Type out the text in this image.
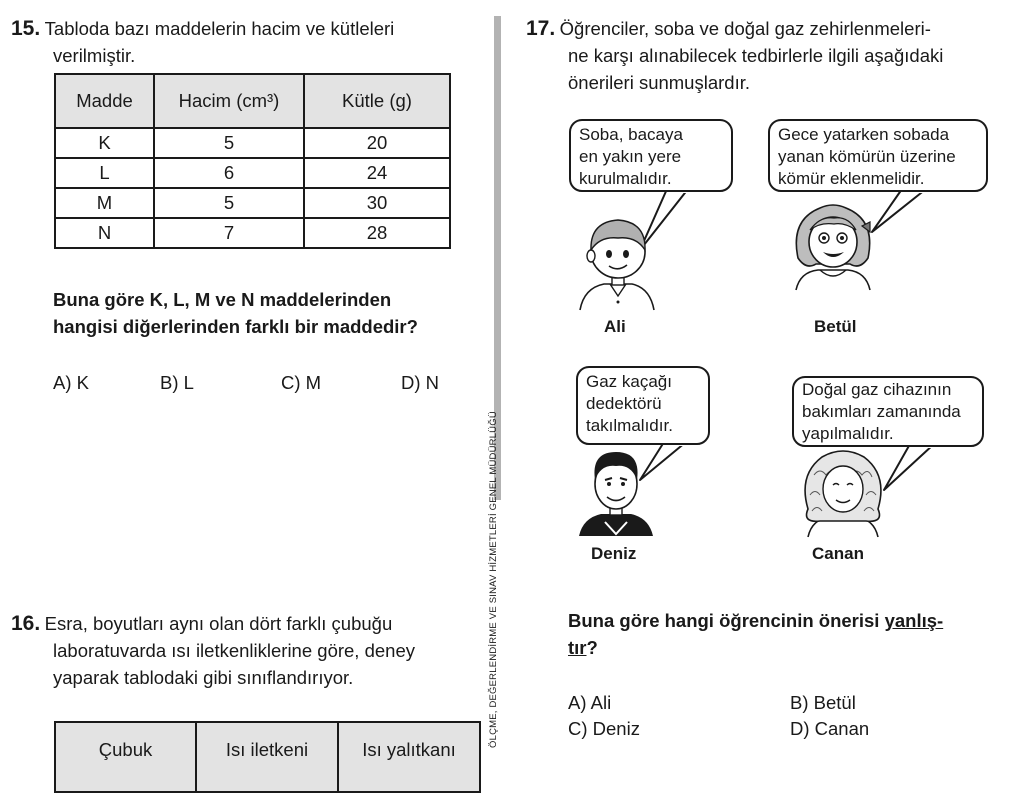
15. Tabloda bazı maddelerin hacim ve kütleleri
verilmiştir.
Madde	Hacim (cm³)	Kütle (g)
K	5	20
L	6	24
M	5	30
N	7	28
Buna göre K, L, M ve N maddelerinden
hangisi diğerlerinden farklı bir maddedir?
A) K	B) L	C) M	D) N
16. Esra, boyutları aynı olan dört farklı çubuğu
laboratuvarda ısı iletkenliklerine göre, deney
yaparak tablodaki gibi sınıflandırıyor.
Çubuk	Isı iletkeni	Isı yalıtkanı
ÖLÇME, DEĞERLENDİRME VE SINAV HİZMETLERİ GENEL MÜDÜRLÜĞÜ
17. Öğrenciler, soba ve doğal gaz zehirlenmeleri-
ne karşı alınabilecek tedbirlerle ilgili aşağıdaki
önerileri sunmuşlardır.
Soba, bacaya
en yakın yere
kurulmalıdır.
Gece yatarken sobada
yanan kömürün üzerine
kömür eklenmelidir.
Gaz kaçağı
dedektörü
takılmalıdır.
Doğal gaz cihazının
bakımları zamanında
yapılmalıdır.
Ali	Betül
Deniz	Canan
Buna göre hangi öğrencinin önerisi yanlış-
tır?
A) Ali	B) Betül
C) Deniz	D) Canan
